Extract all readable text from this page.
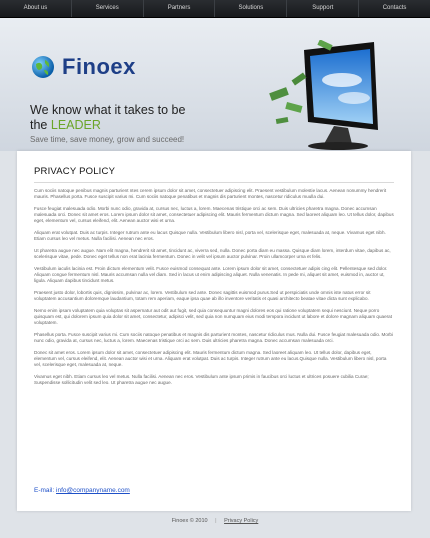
About us	Services	Partners	Solutions	Support	Contacts
Finoex
We know what it takes to be
the LEADER
Save time, save money, grow and succeed!
PRIVACY POLICY

Cum sociis natoque penibus magnis parturient ntes cerem ipsum dolor sit amet, consectetuer adipiscing elit. Praesent vestibulum molestie lacus. Aenean nonummy hendrerit mauris. Phasellus porta. Fusce suscipit varius mi. Cum sociis natoque penatibus et magnis dis parturient montes, nascetur ridiculus muulla dui.

Fusce feugiat malesuada odio. Morbi nunc odio, gravida at, cursus nec, luctus a, lorem. Maecenas tristique orci ac sem. Duis ultricies pharetra magna. Donec accumsan malesuada orci. Donec sit amet eros. Lorem ipsum dolor sit amet, consectetuer adipiscing elit. Mauris fermentum dictum magna. Sed laoreet aliquam leo. Ut tellus dolor, dapibus eget, elementum vel, cursus eleifend, elit. Aenean auctor wisi et urna.

Aliquam erat volutpat. Duis ac turpis. Integer rutrum ante eu lacus Quisque nulla. Vestibulum libero nisl, porta vel, scelerisque eget, malesuada at, neque. Vivamus eget nibh. Etiam cursus leo vel metus. Nulla facilisi. Aenean nec eros.

Ut pharetra augue nec augue. Nam elit magna, hendrerit sit amet, tincidunt ac, viverra sed, nulla. Donec porta diam eu massa. Quisque diam lorem, interdum vitae, dapibus ac, scelerisque vitae, pede. Donec eget tellus non erat lacinia fermentum. Donec in velit vel ipsum auctor pulvinar. Proin ullamcorper urna et felis.

Vestibulum iaculis lacinia est. Proin dictum elementum velit. Fusce euismod consequat ante. Lorem ipsum dolor sit amet, consectetuer adipis cing elit. Pellentesque sed dolor. Aliquam congue fermentum nisl. Mauris accumsan nulla vel diam. Sed in lacus ut enim adipiscing aliquet. Nulla venenatis. In pede mi, aliquet sit amet, euismod in, auctor ut, ligula. Aliquam dapibus tincidunt metus.

Praesent justo dolor, lobortis quis, dignissim, pulvinar ac, lorem. Vestibulum sed ante. Donec sagittis euismod purus.Sed ut perspiciatis unde omnis iste natus error sit voluptatem accusantium doloremque laudantium, totam rem aperiam, eaque ipsa quae ab illo inventore veritatis et quasi architecto beatae vitae dicta sunt explicabo.

Nemo enim ipsam voluptatem quia voluptas sit aspernatur aut odit aut fugit, sed quia consequuntur magni dolores eos qui ratione voluptatem sequi nesciunt. Neque porro quisquam est, qui dolorem ipsum quia dolor sit amet, consectetur, adipisci velit, sed quia non numquam eius modi tempora incidunt ut labore et dolore magnam aliquam quaerat voluptatem.

Phasellus porta. Fusce suscipit varius mi. Cum sociis natoque penatibus et magnis dis parturient montes, nascetur ridiculus mus. Nulla dui. Fusce feugiat malesuada odio. Morbi nunc odio, gravida at, cursus nec, luctus a, lorem. Maecenas tristique orci ac sem. Duis ultricies pharetra magna. Donec accumsan malesuada orci.

Donec sit amet eros. Lorem ipsum dolor sit amet, consectetuer adipiscing elit. Mauris fermentum dictum magna. Sed laoreet aliquam leo. Ut tellus dolor, dapibus eget, elementum vel, cursus eleifend, elit. Aenean auctor wisi et urna. Aliquam erat volutpat. Duis ac turpis. Integer rutrum ante eu lacus.Quisque nulla. Vestibulum libero nisl, porta vel, scelerisque eget, malesuada at, neque.

Vivamus eget nibh. Etiam cursus leo vel metus. Nulla facilisi. Aenean nec eros. Vestibulum ante ipsum primis in faucibus orci luctus et ultrices posuere cubilia Curae; Suspendisse sollicitudin velit sed leo. Ut pharetra augue nec augue.

E-mail: info@companyname.com
Finoex © 2010 | Privacy Policy
